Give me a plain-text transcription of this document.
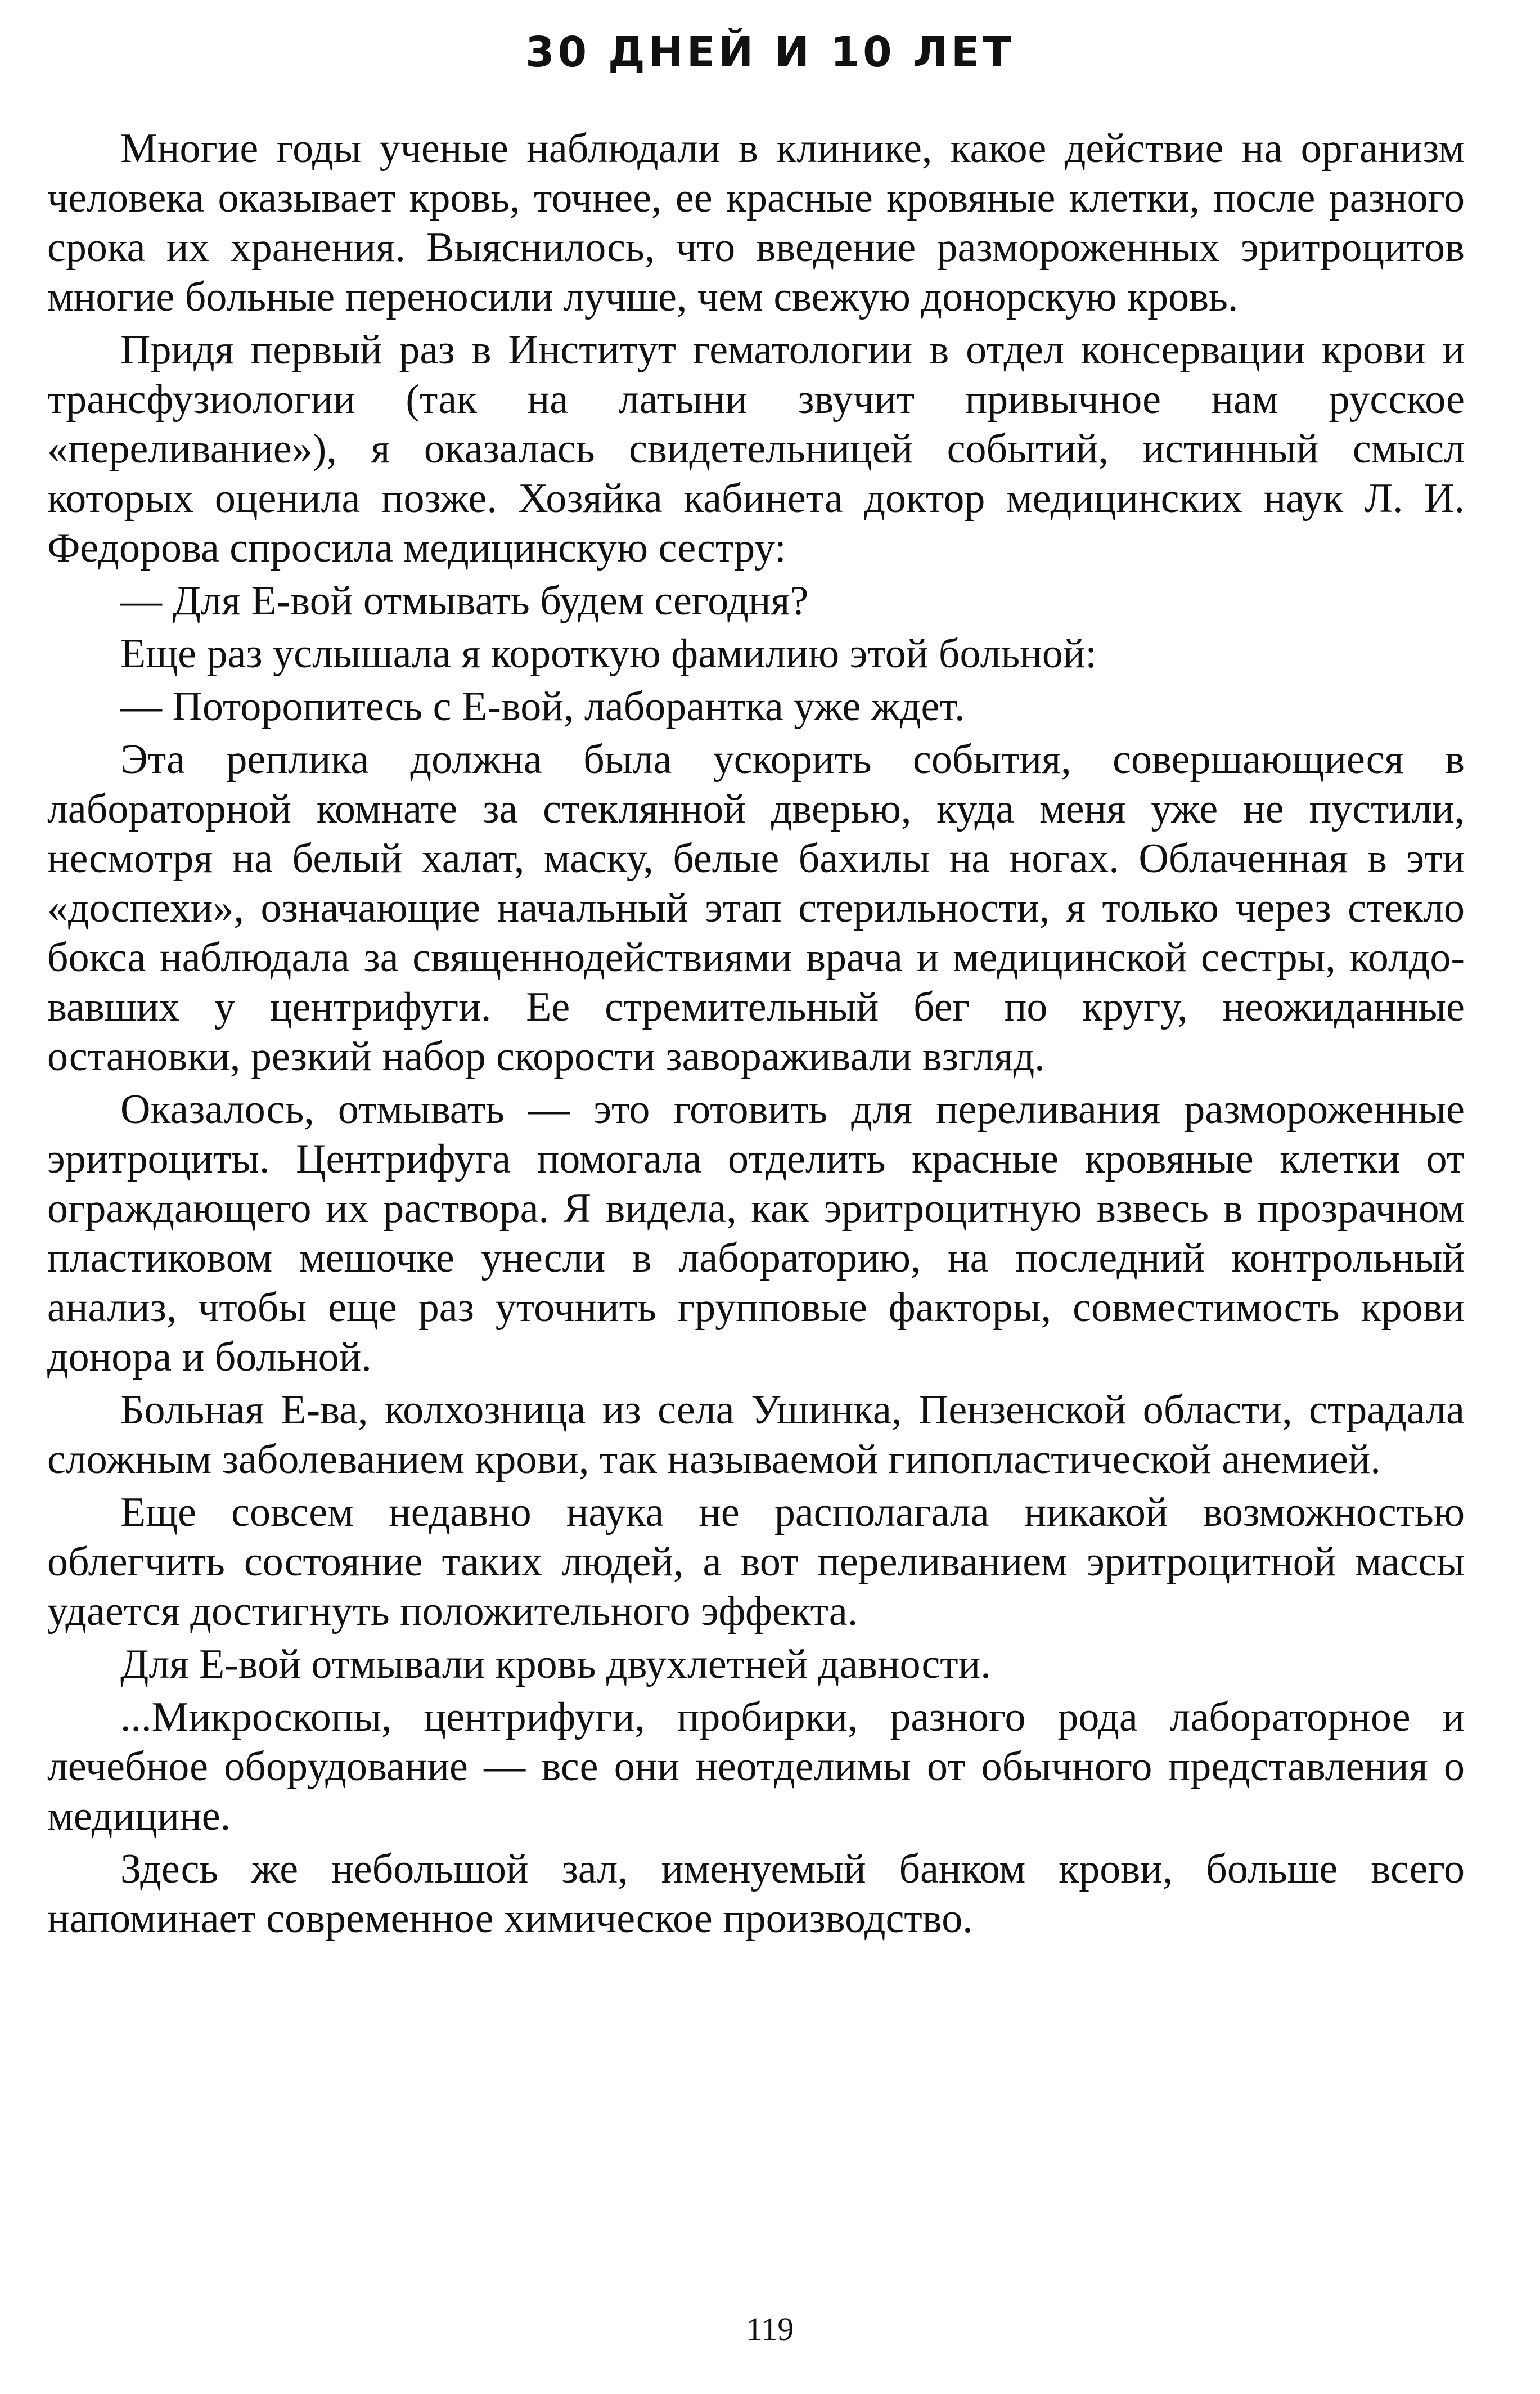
30 ДНЕЙ И 10 ЛЕТ

Многие годы ученые наблюдали в клинике, какое действие на организм человека оказывает кровь, точнее, ее красные кровяные клетки, после разного срока их хранения. Выяснилось, что введение размороженных эритроцитов многие больные переносили лучше, чем свежую донорскую кровь.

Придя первый раз в Институт гематологии в отдел консервации крови и трансфузиологии (так на латыни звучит привычное нам русское «переливание»), я оказалась свидетельницей событий, истинный смысл которых оценила позже. Хозяйка кабинета доктор медицинских наук Л. И. Федорова спросила медицинскую сестру:

— Для Е-вой отмывать будем сегодня?

Еще раз услышала я короткую фамилию этой больной:

— Поторопитесь с Е-вой, лаборантка уже ждет.

Эта реплика должна была ускорить события, совершающиеся в лабораторной комнате за стеклянной дверью, куда меня уже не пустили, несмотря на белый халат, маску, белые бахилы на ногах. Облаченная в эти «доспехи», означающие начальный этап стерильности, я только через стекло бокса наблюдала за священнодействиями врача и медицинской сестры, колдовавших у центрифуги. Ее стремительный бег по кругу, неожиданные остановки, резкий набор скорости завораживали взгляд.

Оказалось, отмывать — это готовить для переливания размороженные эритроциты. Центрифуга помогала отделить красные кровяные клетки от ограждающего их раствора. Я видела, как эритроцитную взвесь в прозрачном пластиковом мешочке унесли в лабораторию, на последний контрольный анализ, чтобы еще раз уточнить групповые факторы, совместимость крови донора и больной.

Больная Е-ва, колхозница из села Ушинка, Пензенской области, страдала сложным заболеванием крови, так называемой гипопластической анемией.

Еще совсем недавно наука не располагала никакой возможностью облегчить состояние таких людей, а вот переливанием эритроцитной массы удается достигнуть положительного эффекта.

Для Е-вой отмывали кровь двухлетней давности.

...Микроскопы, центрифуги, пробирки, разного рода лабораторное и лечебное оборудование — все они неотделимы от обычного представления о медицине.

Здесь же небольшой зал, именуемый банком крови, больше всего напоминает современное химическое производство.

119
